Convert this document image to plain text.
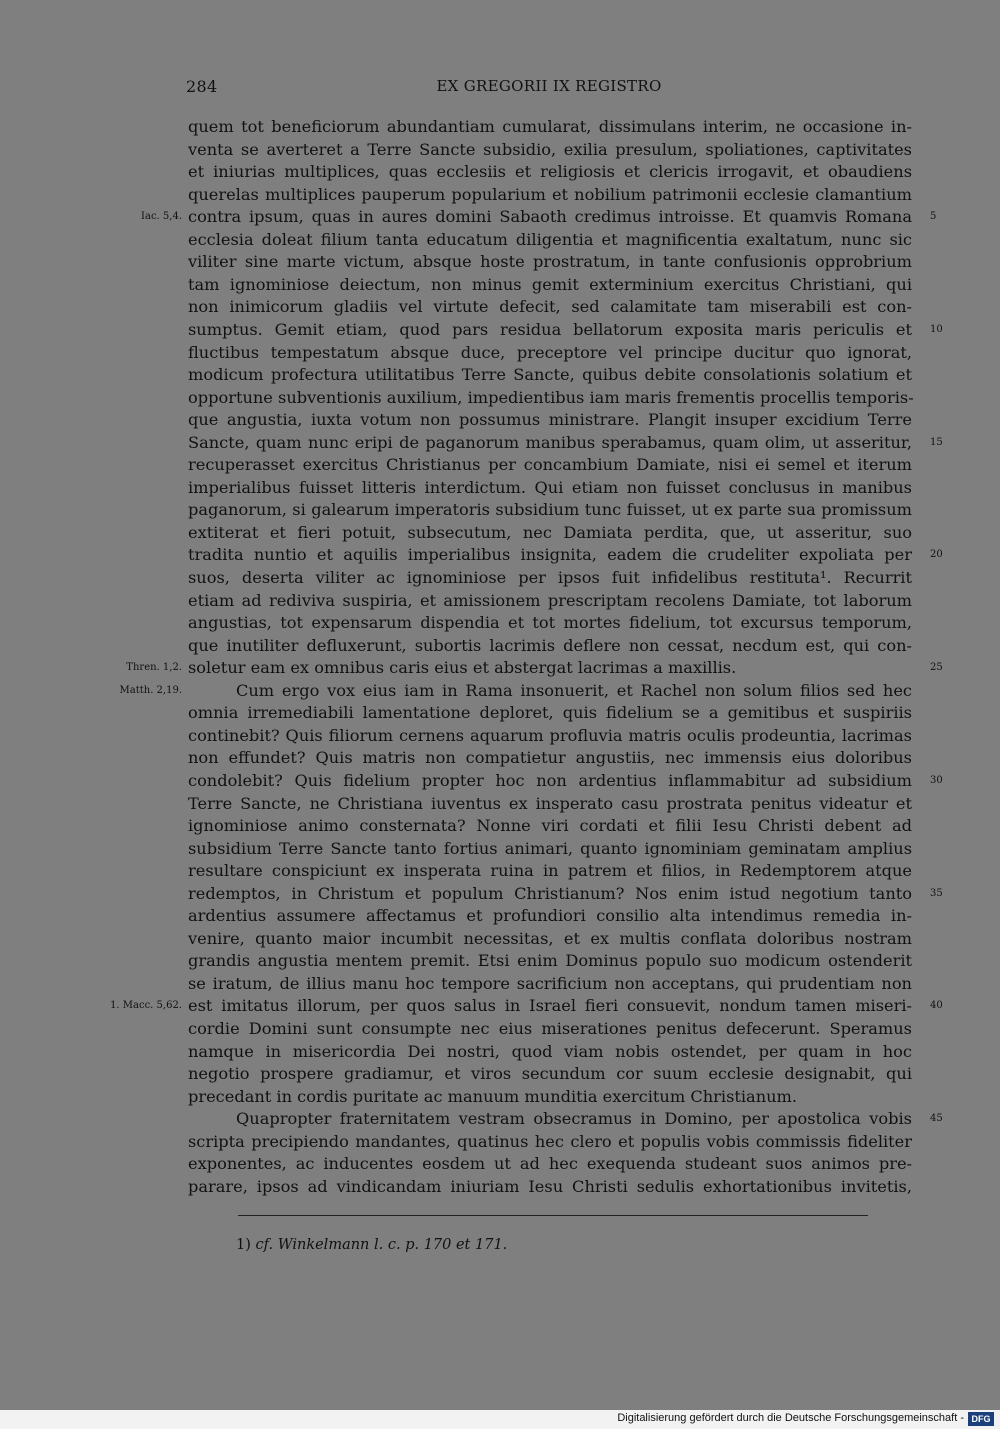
284	EX GREGORII IX REGISTRO
quem tot beneficiorum abundantiam cumularat, dissimulans interim, ne occasione in-
venta se averteret a Terre Sancte subsidio, exilia presulum, spoliationes, captivitates
et iniurias multiplices, quas ecclesiis et religiosis et clericis irrogavit, et obaudiens
querelas multiplices pauperum popularium et nobilium patrimonii ecclesie clamantium
contra ipsum, quas in aures domini Sabaoth credimus introisse. Et quamvis Romana
Iac. 5,4.	5
ecclesia doleat filium tanta educatum diligentia et magnificentia exaltatum, nunc sic
viliter sine marte victum, absque hoste prostratum, in tante confusionis opprobrium
tam ignominiose deiectum, non minus gemit exterminium exercitus Christiani, qui
non inimicorum gladiis vel virtute defecit, sed calamitate tam miserabili est con-
sumptus. Gemit etiam, quod pars residua bellatorum exposita maris periculis et 10
fluctibus tempestatum absque duce, preceptore vel principe ducitur quo ignorat,
modicum profectura utilitatibus Terre Sancte, quibus debite consolationis solatium et
opportune subventionis auxilium, impedientibus iam maris frementis procellis temporis-
que angustia, iuxta votum non possumus ministrare. Plangit insuper excidium Terre
Sancte, quam nunc eripi de paganorum manibus sperabamus, quam olim, ut asseritur, 15
recuperasset exercitus Christianus per concambium Damiate, nisi ei semel et iterum
imperialibus fuisset litteris interdictum. Qui etiam non fuisset conclusus in manibus
paganorum, si galearum imperatoris subsidium tunc fuisset, ut ex parte sua promissum
extiterat et fieri potuit, subsecutum, nec Damiata perdita, que, ut asseritur, suo
tradita nuntio et aquilis imperialibus insignita, eadem die crudeliter expoliata per 20
suos, deserta viliter ac ignominiose per ipsos fuit infidelibus restituta¹. Recurrit
etiam ad rediviva suspiria, et amissionem prescriptam recolens Damiate, tot laborum
angustias, tot expensarum dispendia et tot mortes fidelium, tot excursus temporum,
que inutiliter defluxerunt, subortis lacrimis deflere non cessat, necdum est, qui con-
soletur eam ex omnibus caris eius et abstergat lacrimas a maxillis.
Thren. 1,2.	25
Cum ergo vox eius iam in Rama insonuerit, et Rachel non solum filios sed hec
Matth. 2,19.
omnia irremediabili lamentatione deploret, quis fidelium se a gemitibus et suspiriis
continebit? Quis filiorum cernens aquarum profluvia matris oculis prodeuntia, lacrimas
non effundet? Quis matris non compatietur angustiis, nec immensis eius doloribus
condolebit? Quis fidelium propter hoc non ardentius inflammabitur ad subsidium 30
Terre Sancte, ne Christiana iuventus ex insperato casu prostrata penitus videatur et
ignominiose animo consternata? Nonne viri cordati et filii Iesu Christi debent ad
subsidium Terre Sancte tanto fortius animari, quanto ignominiam geminatam amplius
resultare conspiciunt ex insperata ruina in patrem et filios, in Redemptorem atque
redemptos, in Christum et populum Christianum? Nos enim istud negotium tanto 35
ardentius assumere affectamus et profundiori consilio alta intendimus remedia in-
venire, quanto maior incumbit necessitas, et ex multis conflata doloribus nostram
grandis angustia mentem premit. Etsi enim Dominus populo suo modicum ostenderit
se iratum, de illius manu hoc tempore sacrificium non acceptans, qui prudentiam non
est imitatus illorum, per quos salus in Israel fieri consuevit, nondum tamen miseri-
1. Macc. 5,62.	40
cordie Domini sunt consumpte nec eius miserationes penitus defecerunt. Speramus
namque in misericordia Dei nostri, quod viam nobis ostendet, per quam in hoc
negotio prospere gradiamur, et viros secundum cor suum ecclesie designabit, qui
precedant in cordis puritate ac manuum munditia exercitum Christianum.
Quapropter fraternitatem vestram obsecramus in Domino, per apostolica vobis 45
scripta precipiendo mandantes, quatinus hec clero et populis vobis commissis fideliter
exponentes, ac inducentes eosdem ut ad hec exequenda studeant suos animos pre-
parare, ipsos ad vindicandam iniuriam Iesu Christi sedulis exhortationibus invitetis,
1) cf. Winkelmann l. c. p. 170 et 171.
Digitalisierung gefördert durch die Deutsche Forschungsgemeinschaft - DFG
